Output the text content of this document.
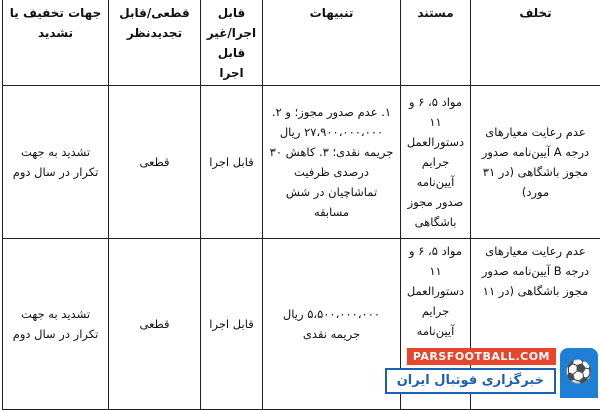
تخلف	مستند	تنبیهات	قابل اجرا/غیر قابل اجرا	قطعی/قابل تجدیدنظر	جهات تخفیف یا تشدید
عدم رعایت معیارهای درجه A آیین‌نامه صدور مجوز باشگاهی (در ۳۱ مورد)	مواد ۵، ۶ و ۱۱ دستورالعمل جرایم آیین‌نامه صدور مجوز باشگاهی	۱. عدم صدور مجوز؛ و ۲. ۲۷،۹۰۰،۰۰۰،۰۰۰ ریال جریمه نقدی؛ ۳. کاهش ۳۰ درصدی ظرفیت تماشاچیان در شش مسابقه	قابل اجرا	قطعی	تشدید به جهت تکرار در سال دوم
عدم رعایت معیارهای درجه B آیین‌نامه صدور مجوز باشگاهی (در ۱۱	مواد ۵، ۶ و ۱۱ دستورالعمل جرایم آیین‌نامه	۵،۵۰۰،۰۰۰،۰۰۰ ریال جریمه نقدی	قابل اجرا	قطعی	تشدید به جهت تکرار در سال دوم
PARSFOOTBALL.COM
خبرگزاری فوتبال ایران ⚽
